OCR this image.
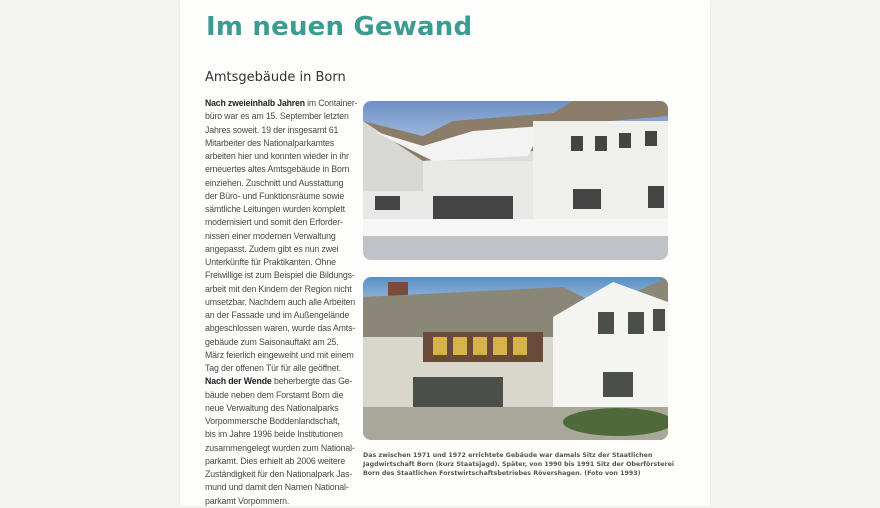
Im neuen Gewand
Amtsgebäude in Born
Nach zweieinhalb Jahren im Container-
büro war es am 15. September letzten
Jahres soweit. 19 der insgesamt 61
Mitarbeiter des Nationalparkamtes
arbeiten hier und konnten wieder in ihr
erneuertes altes Amtsgebäude in Born
einziehen. Zuschnitt und Ausstattung
der Büro- und Funktionsräume sowie
sämtliche Leitungen wurden komplett
modernisiert und somit den Erforder-
nissen einer modernen Verwaltung
angepasst. Zudem gibt es nun zwei
Unterkünfte für Praktikanten. Ohne
Freiwillige ist zum Beispiel die Bildungs-
arbeit mit den Kindern der Region nicht
umsetzbar. Nachdem auch alle Arbeiten
an der Fassade und im Außengelände
abgeschlossen waren, wurde das Amts-
gebäude zum Saisonauftakt am 25.
März feierlich eingeweiht und mit einem
Tag der offenen Tür für alle geöffnet.
Nach der Wende beherbergte das Ge-
bäude neben dem Forstamt Born die
neue Verwaltung des Nationalparks
Vorpommersche Boddenlandschaft,
bis im Jahre 1996 beide Institutionen
zusammengelegt wurden zum National-
parkamt. Dies erhielt ab 2006 weitere
Zuständigkeit für den Nationalpark Jas-
mund und damit den Namen National-
parkamt Vorpommern.
Das zwischen 1971 und 1972 errichtete Gebäude war damals Sitz der Staatlichen Jagdwirtschaft Born (kurz Staatsjagd). Später, von 1990 bis 1991 Sitz der Oberförsterei Born des Staatlichen Forstwirtschaftsbetriebes Rövershagen. (Foto von 1993)
